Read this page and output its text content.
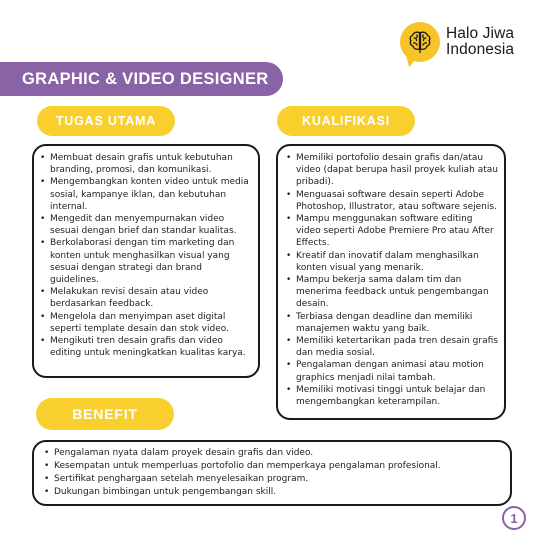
Halo Jiwa
Indonesia
GRAPHIC & VIDEO DESIGNER
TUGAS UTAMA	KUALIFIKASI
• Membuat desain grafis untuk kebutuhan branding, promosi, dan komunikasi.
• Mengembangkan konten video untuk media sosial, kampanye iklan, dan kebutuhan internal.
• Mengedit dan menyempurnakan video sesuai dengan brief dan standar kualitas.
• Berkolaborasi dengan tim marketing dan konten untuk menghasilkan visual yang sesuai dengan strategi dan brand guidelines.
• Melakukan revisi desain atau video berdasarkan feedback.
• Mengelola dan menyimpan aset digital seperti template desain dan stok video.
• Mengikuti tren desain grafis dan video editing untuk meningkatkan kualitas karya.
• Memiliki portofolio desain grafis dan/atau video (dapat berupa hasil proyek kuliah atau pribadi).
• Menguasai software desain seperti Adobe Photoshop, Illustrator, atau software sejenis.
• Mampu menggunakan software editing video seperti Adobe Premiere Pro atau After Effects.
• Kreatif dan inovatif dalam menghasilkan konten visual yang menarik.
• Mampu bekerja sama dalam tim dan menerima feedback untuk pengembangan desain.
• Terbiasa dengan deadline dan memiliki manajemen waktu yang baik.
• Memiliki ketertarikan pada tren desain grafis dan media sosial.
• Pengalaman dengan animasi atau motion graphics menjadi nilai tambah.
• Memiliki motivasi tinggi untuk belajar dan mengembangkan keterampilan.
BENEFIT
• Pengalaman nyata dalam proyek desain grafis dan video.
• Kesempatan untuk memperluas portofolio dan memperkaya pengalaman profesional.
• Sertifikat penghargaan setelah menyelesaikan program.
• Dukungan bimbingan untuk pengembangan skill.
1
